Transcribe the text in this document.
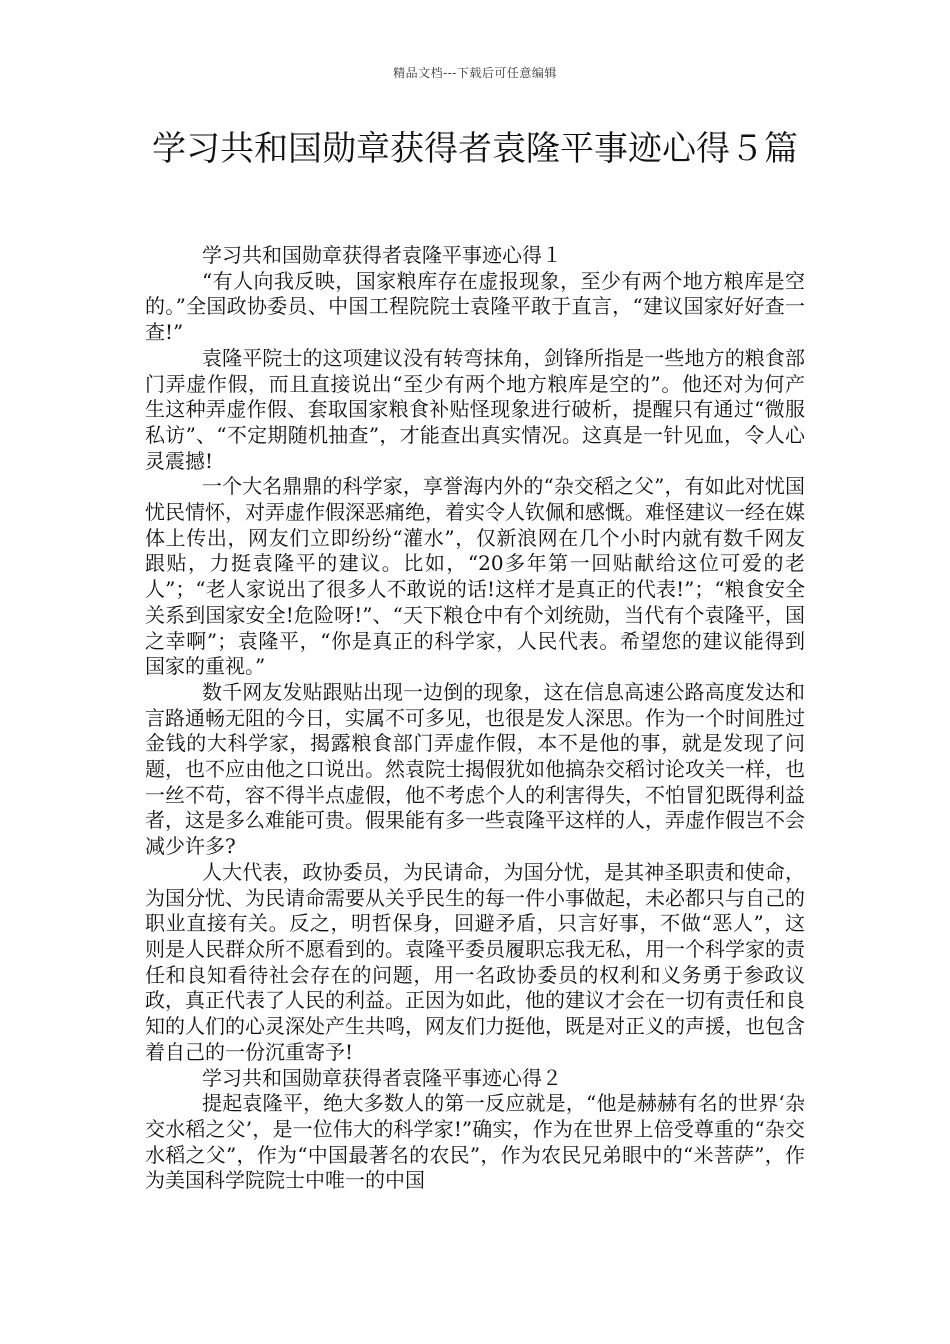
精品文档---下载后可任意编辑
学习共和国勋章获得者袁隆平事迹心得５篇

学习共和国勋章获得者袁隆平事迹心得１

“有人向我反映，国家粮库存在虚报现象，至少有两个地方粮库是空的。”全国政协委员、中国工程院院士袁隆平敢于直言，“建议国家好好查一查!”

袁隆平院士的这项建议没有转弯抹角，剑锋所指是一些地方的粮食部门弄虚作假，而且直接说出“至少有两个地方粮库是空的”。他还对为何产生这种弄虚作假、套取国家粮食补贴怪现象进行破析，提醒只有通过“微服私访”、“不定期随机抽查”，才能查出真实情况。这真是一针见血，令人心灵震撼!

一个大名鼎鼎的科学家，享誉海内外的“杂交稻之父”，有如此对忧国忧民情怀，对弄虚作假深恶痛绝，着实令人钦佩和感慨。难怪建议一经在媒体上传出，网友们立即纷纷“灌水”，仅新浪网在几个小时内就有数千网友跟贴，力挺袁隆平的建议。比如，“20多年第一回贴献给这位可爱的老人”；“老人家说出了很多人不敢说的话!这样才是真正的代表!”；“粮食安全关系到国家安全!危险呀!”、“天下粮仓中有个刘统勋，当代有个袁隆平，国之幸啊”；袁隆平，“你是真正的科学家，人民代表。希望您的建议能得到国家的重视。”

数千网友发贴跟贴出现一边倒的现象，这在信息高速公路高度发达和言路通畅无阻的今日，实属不可多见，也很是发人深思。作为一个时间胜过金钱的大科学家，揭露粮食部门弄虚作假，本不是他的事，就是发现了问题，也不应由他之口说出。然袁院士揭假犹如他搞杂交稻讨论攻关一样，也一丝不苟，容不得半点虚假，他不考虑个人的利害得失，不怕冒犯既得利益者，这是多么难能可贵。假果能有多一些袁隆平这样的人，弄虚作假岂不会减少许多?

人大代表，政协委员，为民请命，为国分忧，是其神圣职责和使命，为国分忧、为民请命需要从关乎民生的每一件小事做起，未必都只与自己的职业直接有关。反之，明哲保身，回避矛盾，只言好事，不做“恶人”，这则是人民群众所不愿看到的。袁隆平委员履职忘我无私，用一个科学家的责任和良知看待社会存在的问题，用一名政协委员的权利和义务勇于参政议政，真正代表了人民的利益。正因为如此，他的建议才会在一切有责任和良知的人们的心灵深处产生共鸣，网友们力挺他，既是对正义的声援，也包含着自己的一份沉重寄予!

学习共和国勋章获得者袁隆平事迹心得２

提起袁隆平，绝大多数人的第一反应就是，“他是赫赫有名的世界‘杂交水稻之父’，是一位伟大的科学家!”确实，作为在世界上倍受尊重的“杂交水稻之父”，作为“中国最著名的农民”，作为农民兄弟眼中的“米菩萨”，作为美国科学院院士中唯一的中国
